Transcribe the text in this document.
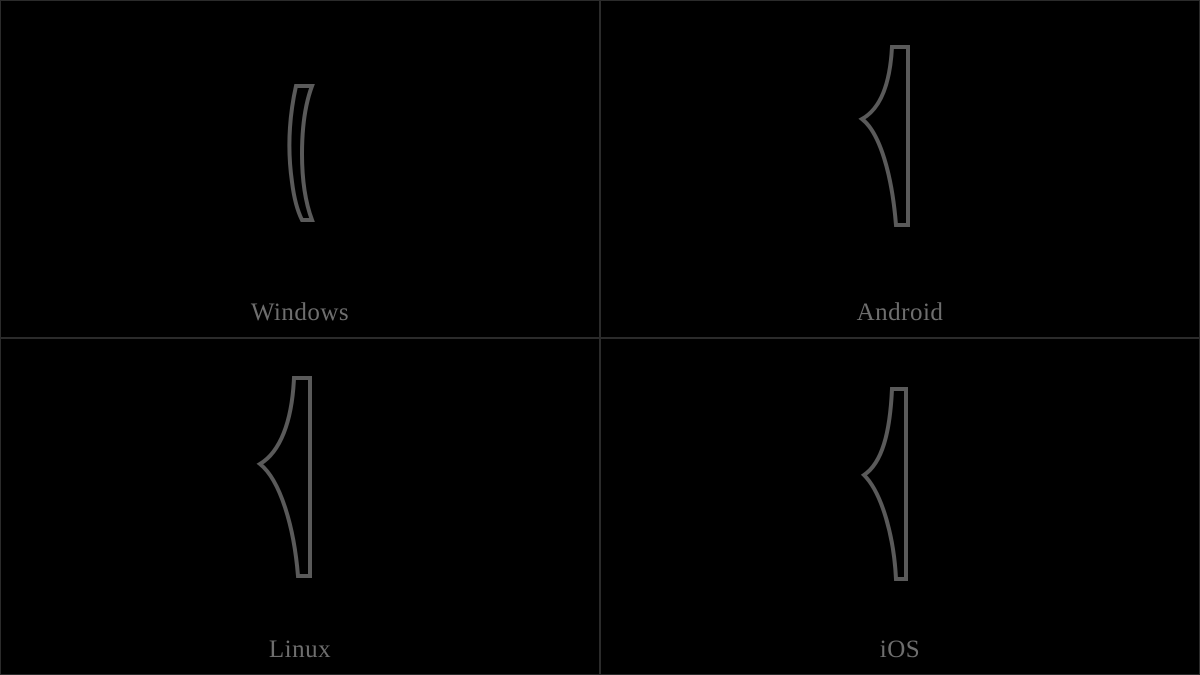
Windows	Android
Linux	iOS
